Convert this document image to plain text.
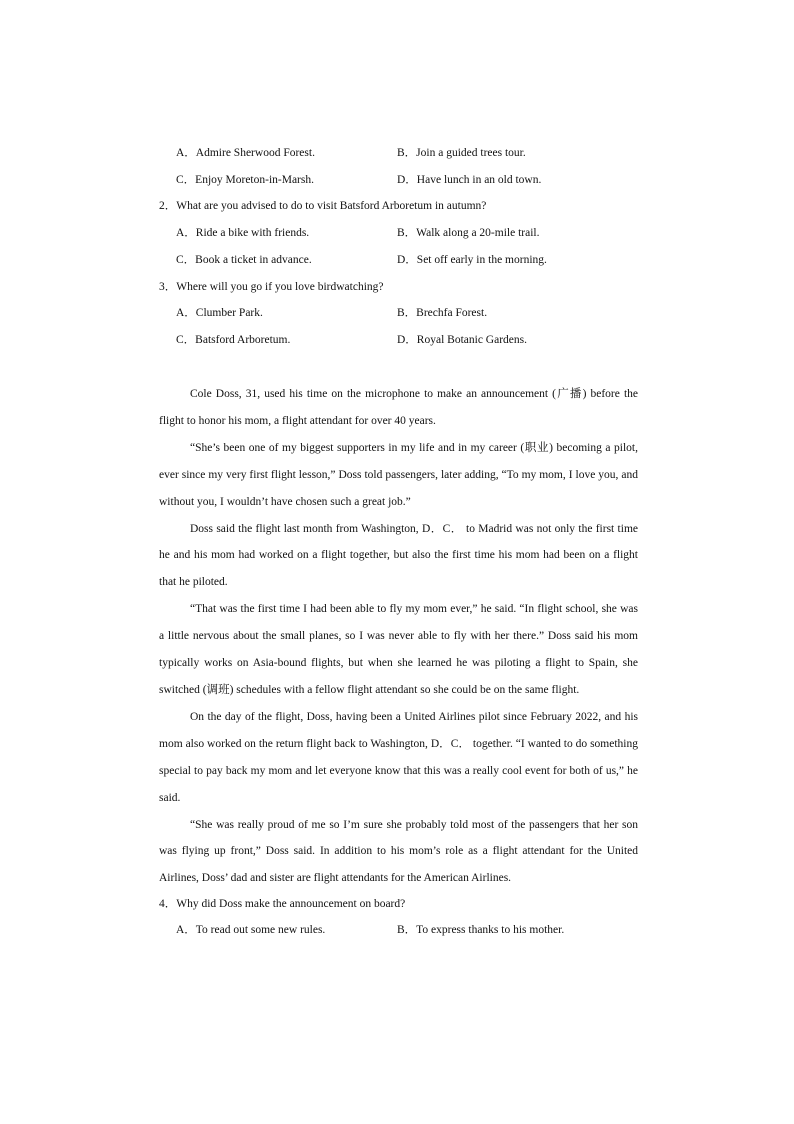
A．Admire Sherwood Forest.	B．Join a guided trees tour.
C．Enjoy Moreton-in-Marsh.	D．Have lunch in an old town.
2．What are you advised to do to visit Batsford Arboretum in autumn?
A．Ride a bike with friends.	B．Walk along a 20-mile trail.
C．Book a ticket in advance.	D．Set off early in the morning.
3．Where will you go if you love birdwatching?
A．Clumber Park.	B．Brechfa Forest.
C．Batsford Arboretum.	D．Royal Botanic Gardens.

Cole Doss, 31, used his time on the microphone to make an announcement (广播) before the flight to honor his mom, a flight attendant for over 40 years.

“She’s been one of my biggest supporters in my life and in my career (职业) becoming a pilot, ever since my very first flight lesson,” Doss told passengers, later adding, “To my mom, I love you, and without you, I wouldn’t have chosen such a great job.”

Doss said the flight last month from Washington, D．C． to Madrid was not only the first time he and his mom had worked on a flight together, but also the first time his mom had been on a flight that he piloted.

“That was the first time I had been able to fly my mom ever,” he said. “In flight school, she was a little nervous about the small planes, so I was never able to fly with her there.” Doss said his mom typically works on Asia-bound flights, but when she learned he was piloting a flight to Spain, she switched (调班) schedules with a fellow flight attendant so she could be on the same flight.

On the day of the flight, Doss, having been a United Airlines pilot since February 2022, and his mom also worked on the return flight back to Washington, D．C． together. “I wanted to do something special to pay back my mom and let everyone know that this was a really cool event for both of us,” he said.

“She was really proud of me so I’m sure she probably told most of the passengers that her son was flying up front,” Doss said. In addition to his mom’s role as a flight attendant for the United Airlines, Doss’ dad and sister are flight attendants for the American Airlines.

4．Why did Doss make the announcement on board?
A．To read out some new rules.	B．To express thanks to his mother.
